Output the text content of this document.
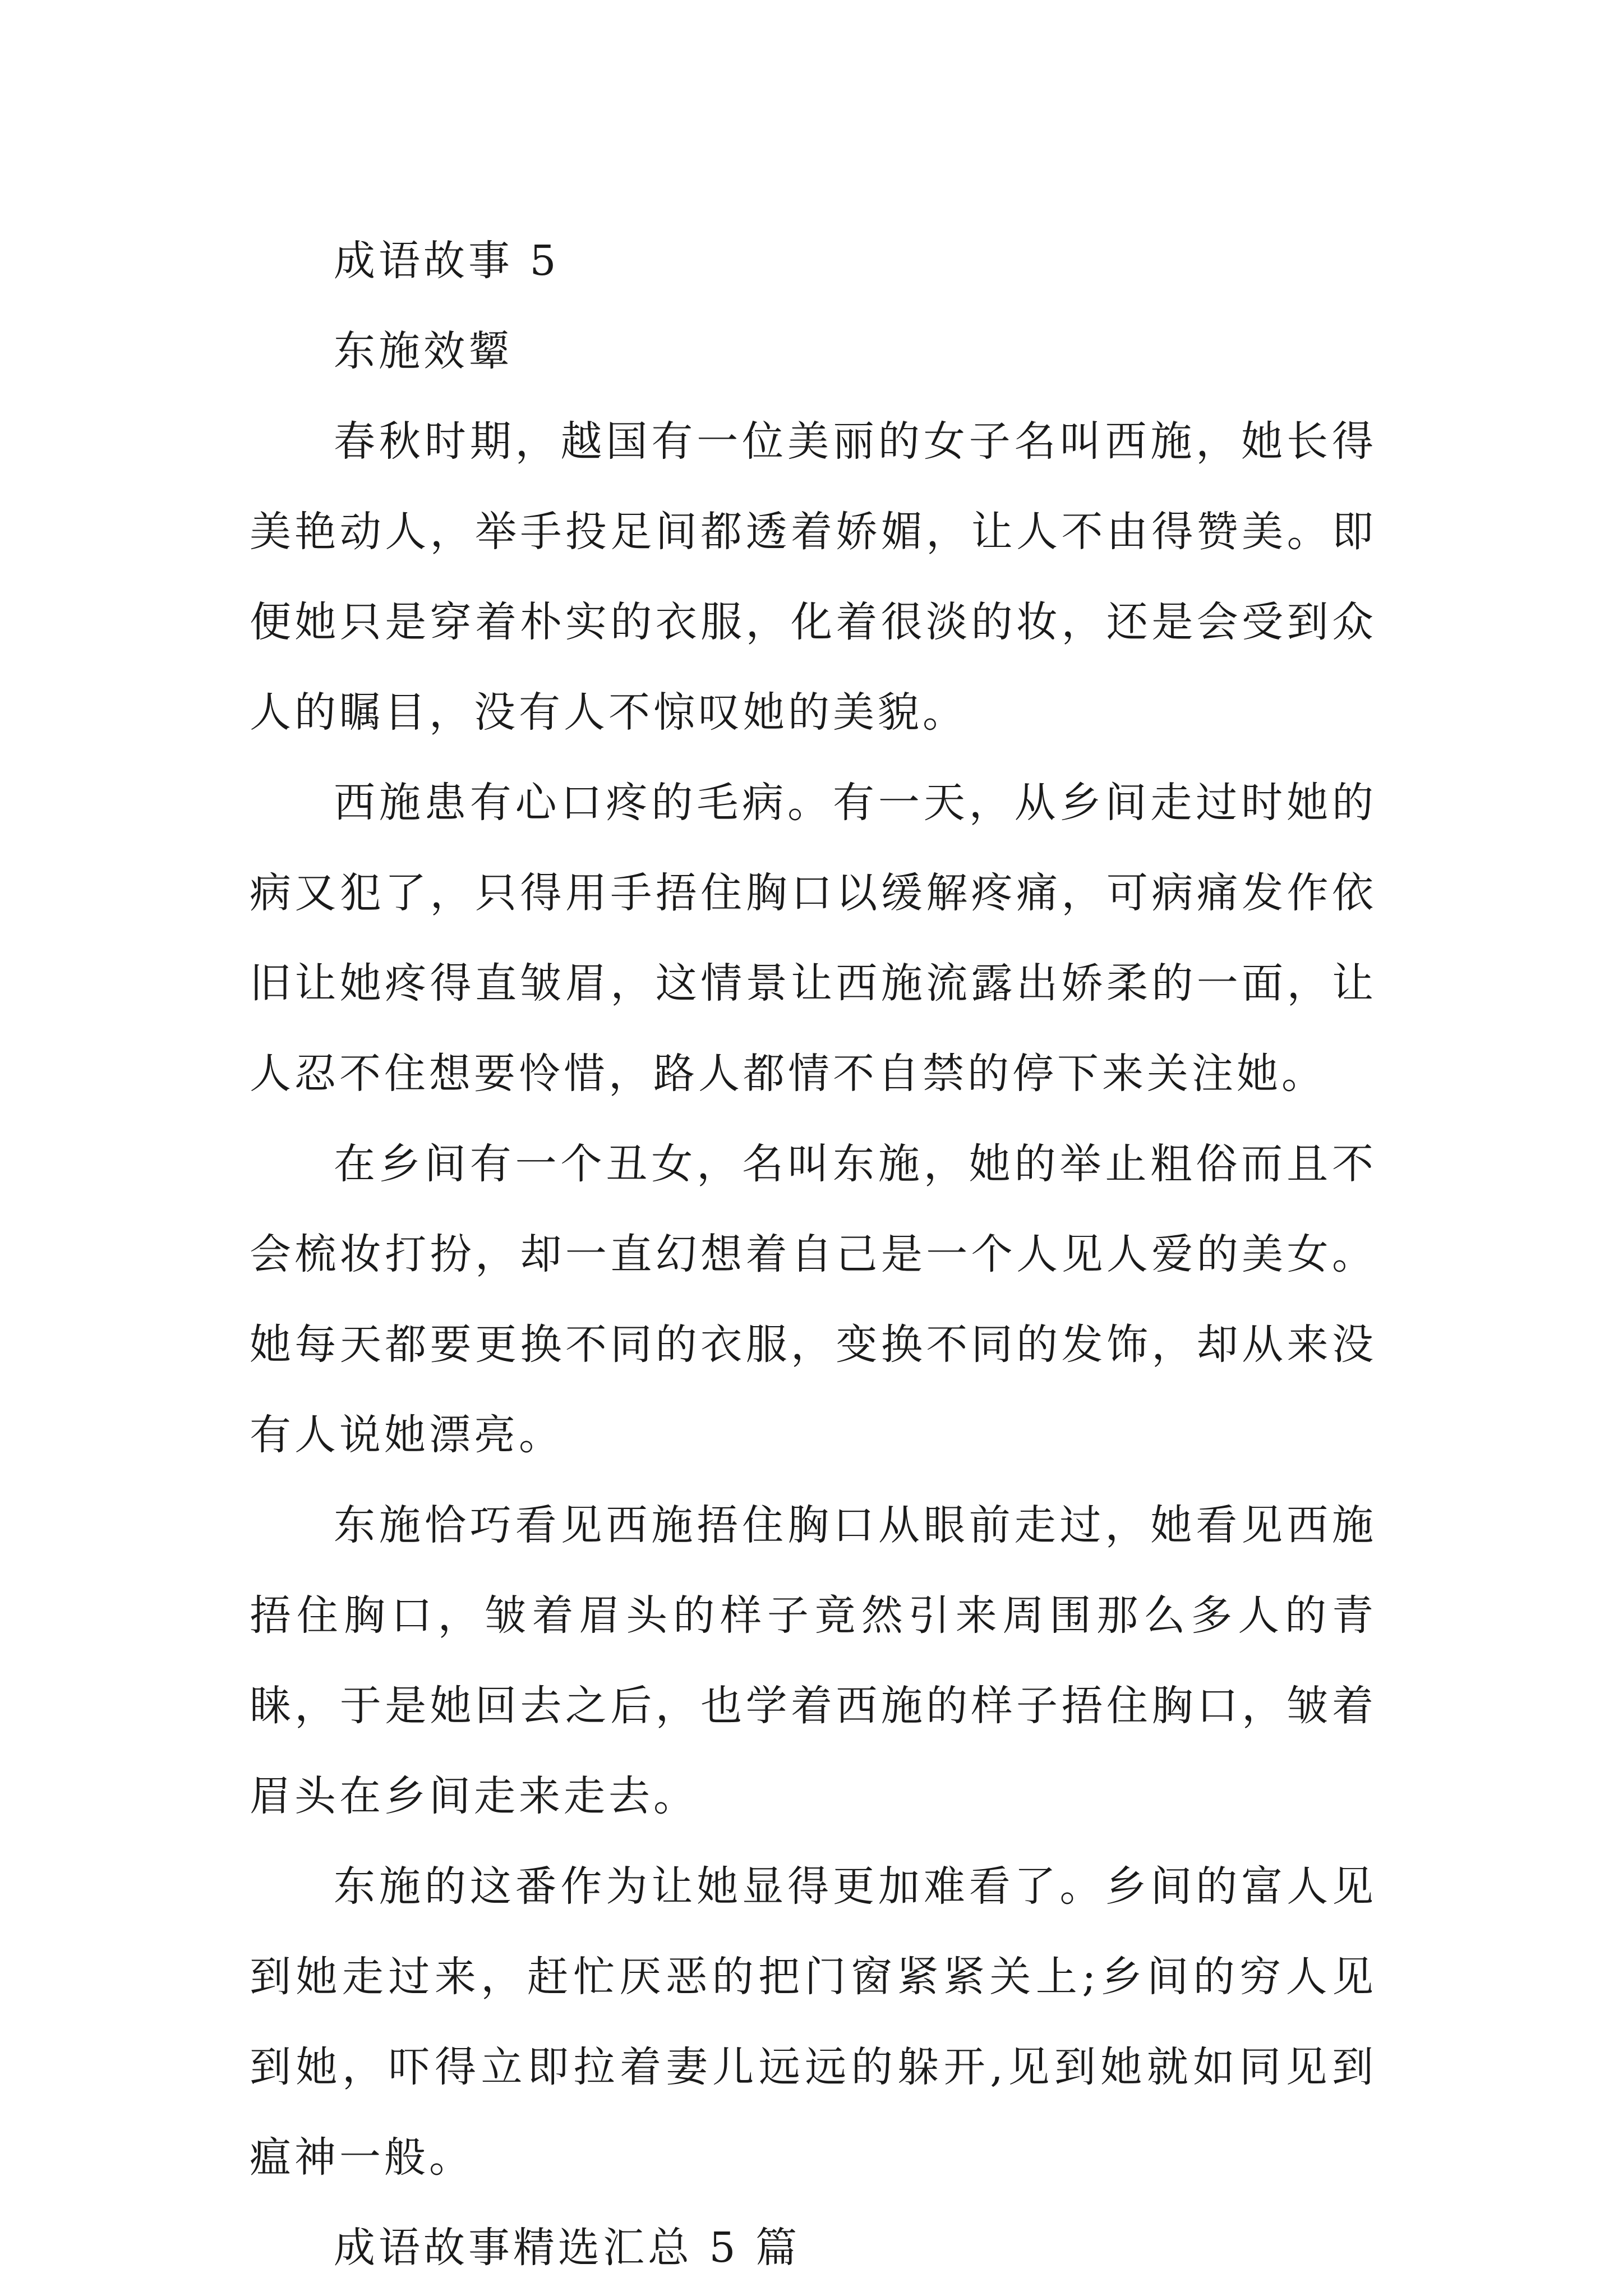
成语故事 5

东施效颦

春秋时期，越国有一位美丽的女子名叫西施，她长得美艳动人，举手投足间都透着娇媚，让人不由得赞美。即便她只是穿着朴实的衣服，化着很淡的妆，还是会受到众人的瞩目，没有人不惊叹她的美貌。

西施患有心口疼的毛病。有一天，从乡间走过时她的病又犯了，只得用手捂住胸口以缓解疼痛，可病痛发作依旧让她疼得直皱眉，这情景让西施流露出娇柔的一面，让人忍不住想要怜惜，路人都情不自禁的停下来关注她。

在乡间有一个丑女，名叫东施，她的举止粗俗而且不会梳妆打扮，却一直幻想着自己是一个人见人爱的美女。她每天都要更换不同的衣服，变换不同的发饰，却从来没有人说她漂亮。

东施恰巧看见西施捂住胸口从眼前走过，她看见西施捂住胸口，皱着眉头的样子竟然引来周围那么多人的青睐，于是她回去之后，也学着西施的样子捂住胸口，皱着眉头在乡间走来走去。

东施的这番作为让她显得更加难看了。乡间的富人见到她走过来，赶忙厌恶的把门窗紧紧关上;乡间的穷人见到她，吓得立即拉着妻儿远远的躲开,见到她就如同见到瘟神一般。

成语故事精选汇总 5 篇
